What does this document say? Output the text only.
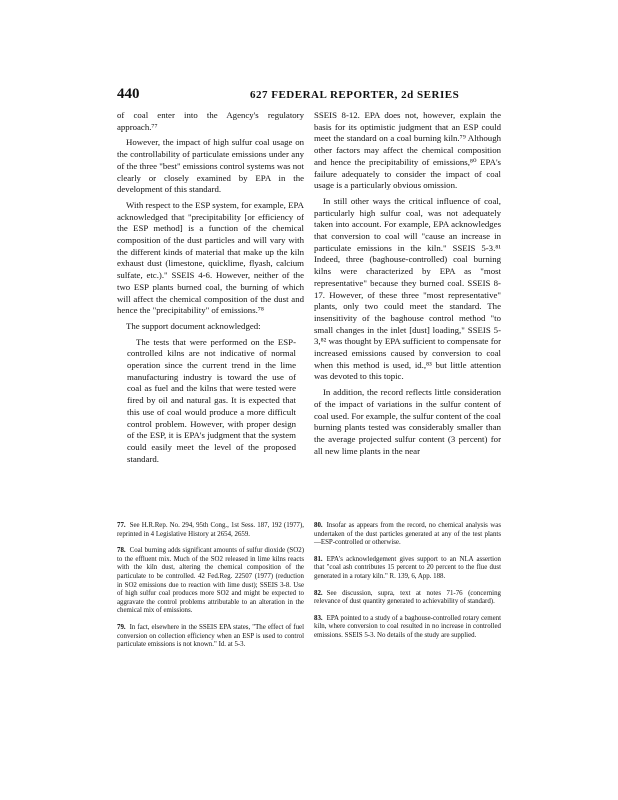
440	627 FEDERAL REPORTER, 2d SERIES

of coal enter into the Agency's regulatory approach.⁷⁷

However, the impact of high sulfur coal usage on the controllability of particulate emissions under any of the three "best" emissions control systems was not clearly or closely examined by EPA in the development of this standard.

With respect to the ESP system, for example, EPA acknowledged that "precipitability [or efficiency of the ESP method] is a function of the chemical composition of the dust particles and will vary with the different kinds of material that make up the kiln exhaust dust (limestone, quicklime, flyash, calcium sulfate, etc.)." SSEIS 4-6. However, neither of the two ESP plants burned coal, the burning of which will affect the chemical composition of the dust and hence the "precipitability" of emissions.⁷⁸

The support document acknowledged:

The tests that were performed on the ESP-controlled kilns are not indicative of normal operation since the current trend in the lime manufacturing industry is toward the use of coal as fuel and the kilns that were tested were fired by oil and natural gas. It is expected that this use of coal would produce a more difficult control problem. However, with proper design of the ESP, it is EPA's judgment that the system could easily meet the level of the proposed standard.

SSEIS 8-12. EPA does not, however, explain the basis for its optimistic judgment that an ESP could meet the standard on a coal burning kiln.⁷⁹ Although other factors may affect the chemical composition and hence the precipitability of emissions,⁸⁰ EPA's failure adequately to consider the impact of coal usage is a particularly obvious omission.

In still other ways the critical influence of coal, particularly high sulfur coal, was not adequately taken into account. For example, EPA acknowledges that conversion to coal will "cause an increase in particulate emissions in the kiln." SSEIS 5-3.⁸¹ Indeed, three (baghouse-controlled) coal burning kilns were characterized by EPA as "most representative" because they burned coal. SSEIS 8-17. However, of these three "most representative" plants, only two could meet the standard. The insensitivity of the baghouse control method "to small changes in the inlet [dust] loading," SSEIS 5-3,⁸² was thought by EPA sufficient to compensate for increased emissions caused by conversion to coal when this method is used, id.,⁸³ but little attention was devoted to this topic.

In addition, the record reflects little consideration of the impact of variations in the sulfur content of coal used. For example, the sulfur content of the coal burning plants tested was considerably smaller than the average projected sulfur content (3 percent) for all new lime plants in the near

77. See H.R.Rep. No. 294, 95th Cong., 1st Sess. 187, 192 (1977), reprinted in 4 Legislative History at 2654, 2659.
78. Coal burning adds significant amounts of sulfur dioxide (SO2) to the effluent mix. Much of the SO2 released in lime kilns reacts with the kiln dust, altering the chemical composition of the particulate to be controlled. 42 Fed.Reg. 22507 (1977) (reduction in SO2 emissions due to reaction with lime dust); SSEIS 3-8. Use of high sulfur coal produces more SO2 and might be expected to aggravate the control problems attributable to an alteration in the chemical mix of emissions.
79. In fact, elsewhere in the SSEIS EPA states, "The effect of fuel conversion on collection efficiency when an ESP is used to control particulate emissions is not known." Id. at 5-3.
80. Insofar as appears from the record, no chemical analysis was undertaken of the dust particles generated at any of the test plants—ESP-controlled or otherwise.
81. EPA's acknowledgement gives support to an NLA assertion that "coal ash contributes 15 percent to 20 percent to the flue dust generated in a rotary kiln." R. 139, 6, App. 188.
82. See discussion, supra, text at notes 71-76 (concerning relevance of dust quantity generated to achievability of standard).
83. EPA pointed to a study of a baghouse-controlled rotary cement kiln, where conversion to coal resulted in no increase in controlled emissions. SSEIS 5-3. No details of the study are supplied.
